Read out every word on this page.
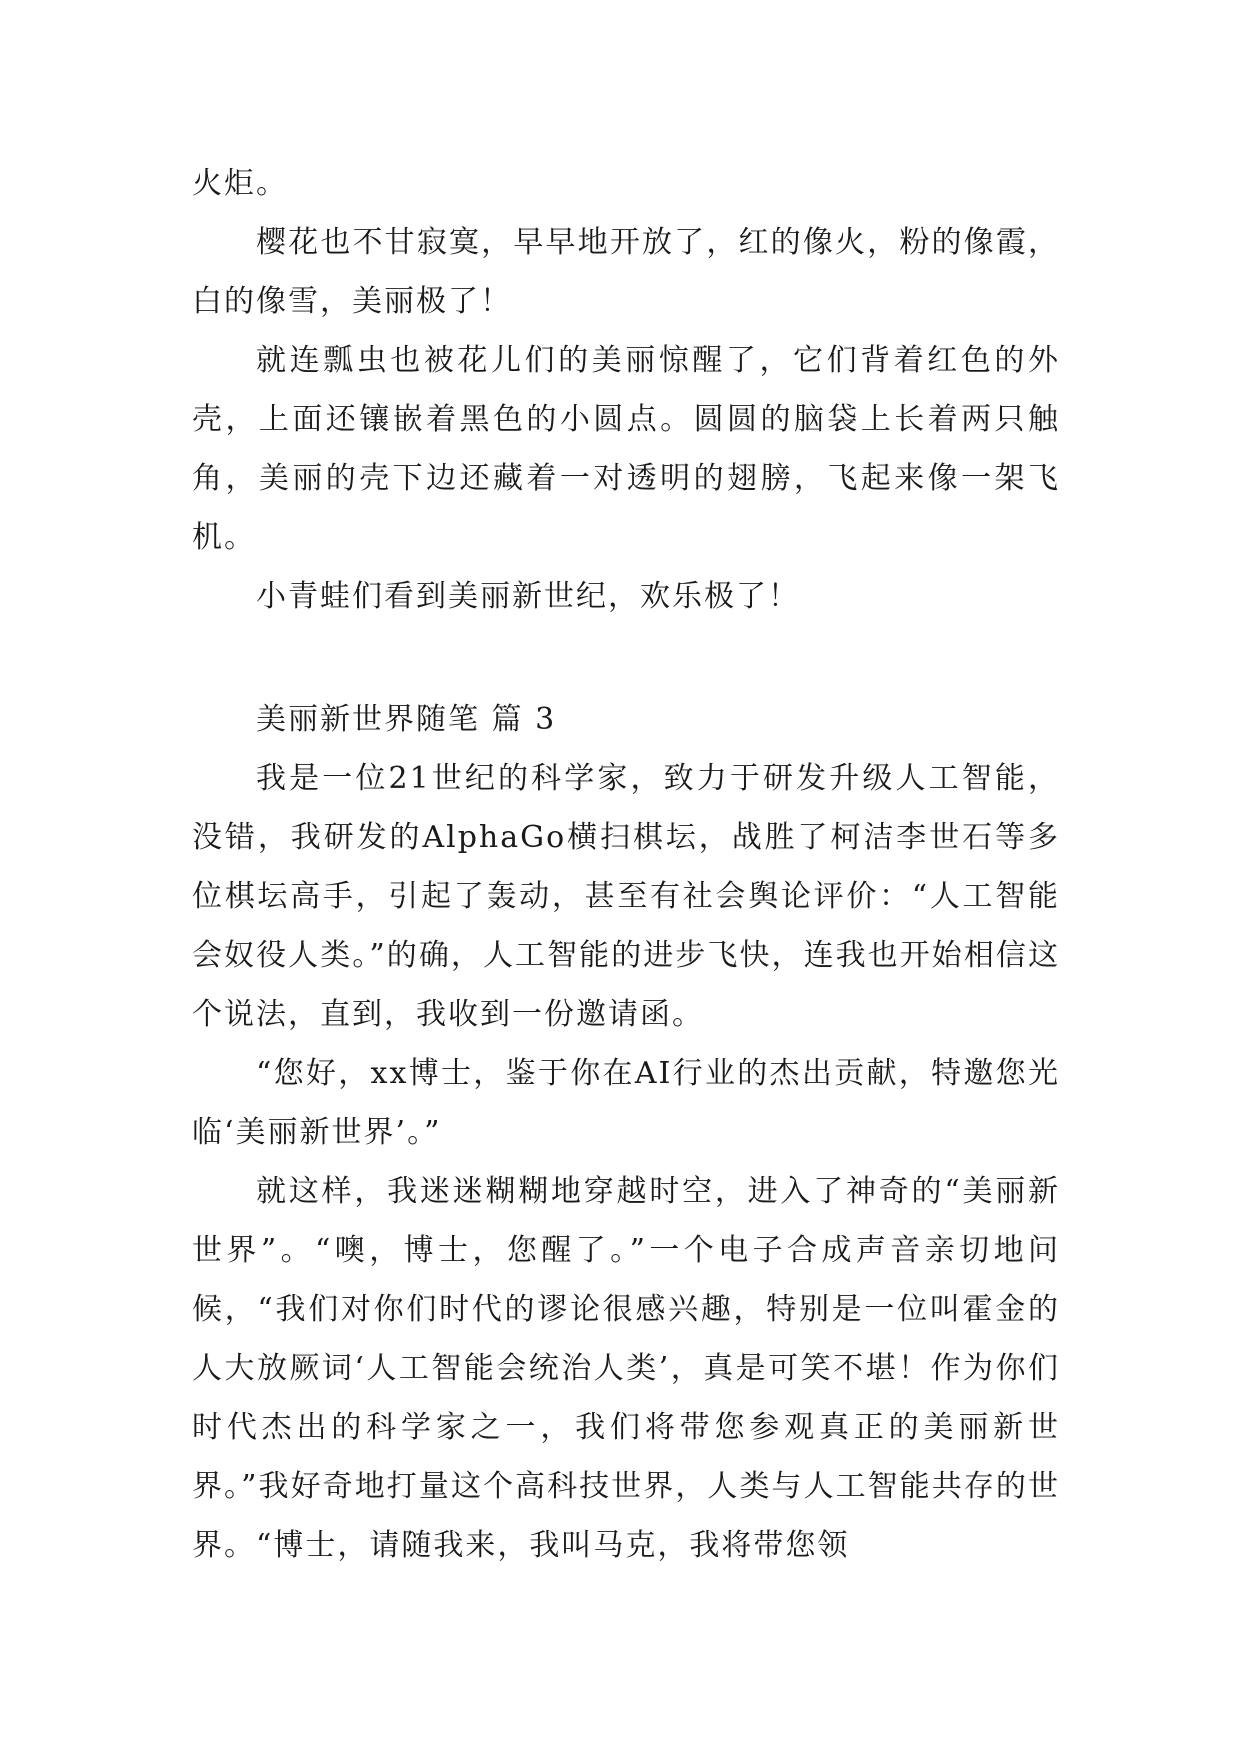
火炬。

樱花也不甘寂寞，早早地开放了，红的像火，粉的像霞，白的像雪，美丽极了！

就连瓢虫也被花儿们的美丽惊醒了，它们背着红色的外壳，上面还镶嵌着黑色的小圆点。圆圆的脑袋上长着两只触角，美丽的壳下边还藏着一对透明的翅膀，飞起来像一架飞机。

小青蛙们看到美丽新世纪，欢乐极了！

美丽新世界随笔 篇 3

我是一位21世纪的科学家，致力于研发升级人工智能，没错，我研发的AlphaGo横扫棋坛，战胜了柯洁李世石等多位棋坛高手，引起了轰动，甚至有社会舆论评价：“人工智能会奴役人类。”的确，人工智能的进步飞快，连我也开始相信这个说法，直到，我收到一份邀请函。

“您好，xx博士，鉴于你在AI行业的杰出贡献，特邀您光临‘美丽新世界’。”

就这样，我迷迷糊糊地穿越时空，进入了神奇的“美丽新世界”。“噢，博士，您醒了。”一个电子合成声音亲切地问候，“我们对你们时代的谬论很感兴趣，特别是一位叫霍金的人大放厥词‘人工智能会统治人类’，真是可笑不堪！作为你们时代杰出的科学家之一，我们将带您参观真正的美丽新世界。”我好奇地打量这个高科技世界，人类与人工智能共存的世界。“博士，请随我来，我叫马克，我将带您领
